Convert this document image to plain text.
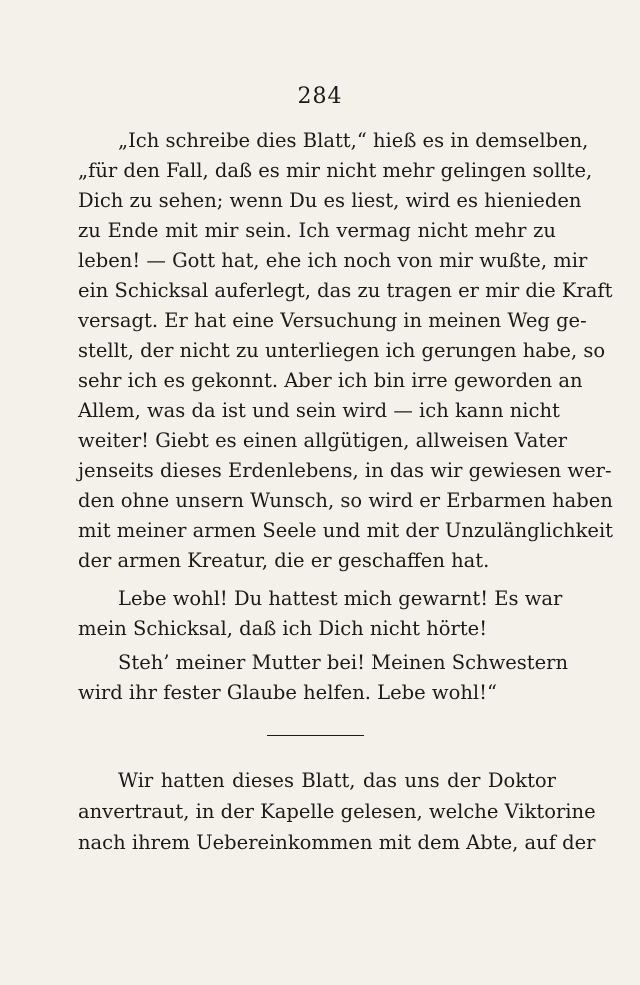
284
„Ich schreibe dies Blatt,“ hieß es in demselben,
„für den Fall, daß es mir nicht mehr gelingen sollte,
Dich zu sehen; wenn Du es liest, wird es hienieden
zu Ende mit mir sein. Ich vermag nicht mehr zu
leben! — Gott hat, ehe ich noch von mir wußte, mir
ein Schicksal auferlegt, das zu tragen er mir die Kraft
versagt. Er hat eine Versuchung in meinen Weg ge-
stellt, der nicht zu unterliegen ich gerungen habe, so
sehr ich es gekonnt. Aber ich bin irre geworden an
Allem, was da ist und sein wird — ich kann nicht
weiter! Giebt es einen allgütigen, allweisen Vater
jenseits dieses Erdenlebens, in das wir gewiesen wer-
den ohne unsern Wunsch, so wird er Erbarmen haben
mit meiner armen Seele und mit der Unzulänglichkeit
der armen Kreatur, die er geschaffen hat.
Lebe wohl! Du hattest mich gewarnt! Es war
mein Schicksal, daß ich Dich nicht hörte!
Steh’ meiner Mutter bei! Meinen Schwestern
wird ihr fester Glaube helfen. Lebe wohl!“
Wir hatten dieses Blatt, das uns der Doktor
anvertraut, in der Kapelle gelesen, welche Viktorine
nach ihrem Uebereinkommen mit dem Abte, auf der
